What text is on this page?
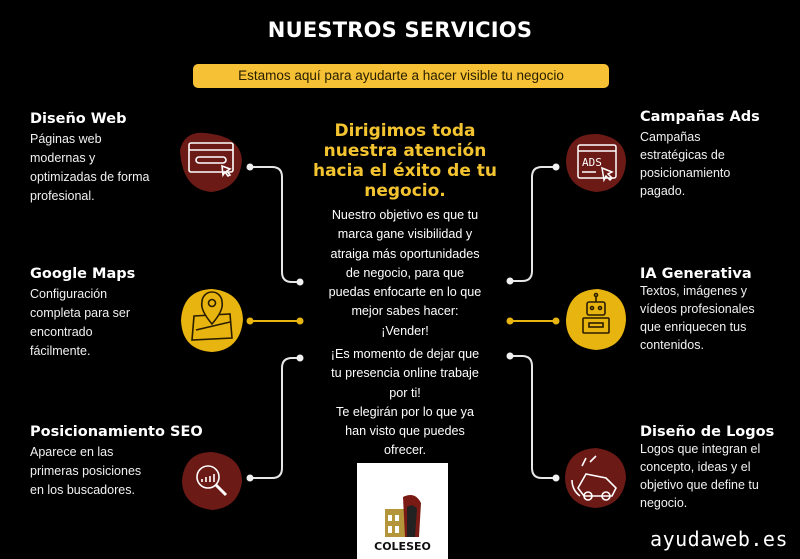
NUESTROS SERVICIOS
Estamos aquí para ayudarte a hacer visible tu negocio
ADS
Diseño Web
Páginas web
modernas y
optimizadas de forma
profesional.
Google Maps
Configuración
completa para ser
encontrado
fácilmente.
Posicionamiento SEO
Aparece en las
primeras posiciones
en los buscadores.
Campañas Ads
Campañas
estratégicas de
posicionamiento
pagado.
IA Generativa
Textos, imágenes y
vídeos profesionales
que enriquecen tus
contenidos.
Diseño de Logos
Logos que integran el
concepto, ideas y el
objetivo que define tu
negocio.
Dirigimos toda
nuestra atención
hacia el éxito de tu
negocio.
Nuestro objetivo es que tu
marca gane visibilidad y
atraiga más oportunidades
de negocio, para que
puedas enfocarte en lo que
mejor sabes hacer:
¡Vender!
¡Es momento de dejar que
tu presencia online trabaje
por ti!
Te elegirán por lo que ya
han visto que puedes
ofrecer.
COLESEO	ayudaweb.es
